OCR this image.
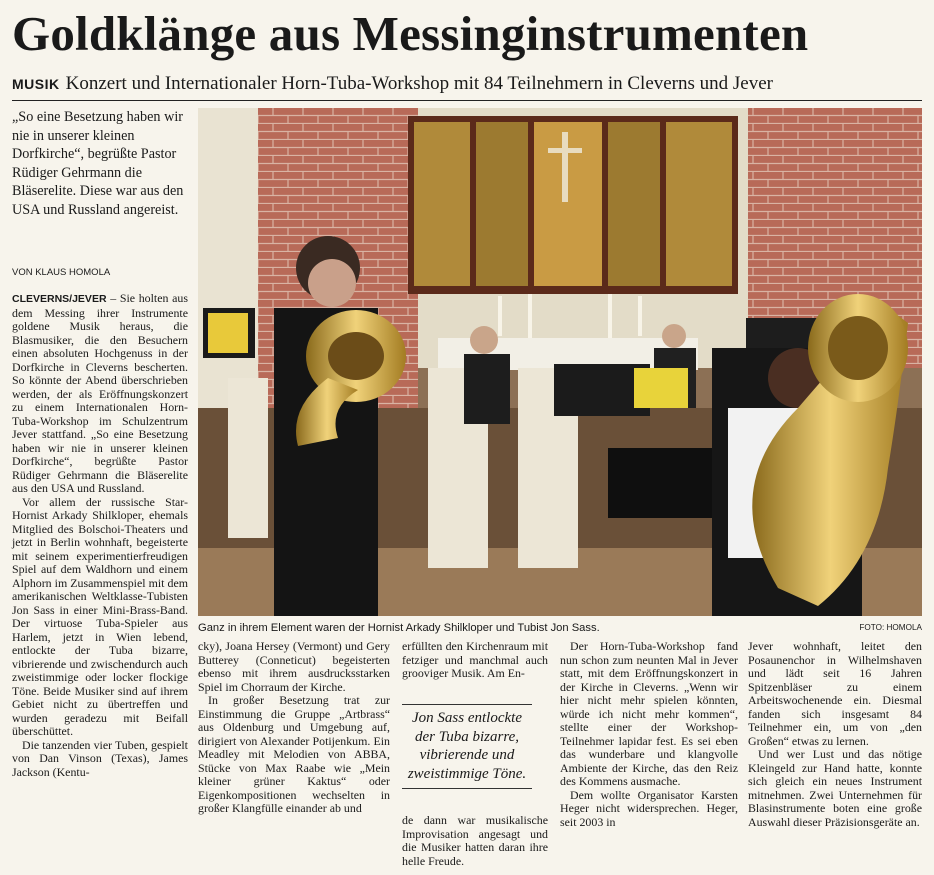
Goldklänge aus Messinginstrumenten
MUSIK Konzert und Internationaler Horn-Tuba-Workshop mit 84 Teilnehmern in Cleverns und Jever
„So eine Besetzung haben wir nie in unserer kleinen Dorfkirche“, begrüßte Pastor Rüdiger Gehrmann die Bläserelite. Diese war aus den USA und Russland angereist.
VON KLAUS HOMOLA

CLEVERNS/JEVER – Sie holten aus dem Messing ihrer Instrumente goldene Musik heraus, die Blasmusiker, die den Besuchern einen absoluten Hochgenuss in der Dorfkirche in Cleverns bescherten. So könnte der Abend überschrieben werden, der als Eröffnungskonzert zu einem Internationalen Horn-Tuba-Workshop im Schulzentrum Jever stattfand. „So eine Besetzung haben wir nie in unserer kleinen Dorfkirche“, begrüßte Pastor Rüdiger Gehrmann die Bläserelite aus den USA und Russland.

Vor allem der russische Star-Hornist Arkady Shilkloper, ehemals Mitglied des Bolschoi-Theaters und jetzt in Berlin wohnhaft, begeisterte mit seinem experimentierfreudigen Spiel auf dem Waldhorn und einem Alphorn im Zusammenspiel mit dem amerikanischen Weltklasse-Tubisten Jon Sass in einer Mini-Brass-Band. Der virtuose Tuba-Spieler aus Harlem, jetzt in Wien lebend, entlockte der Tuba bizarre, vibrierende und zwischendurch auch zweistimmige oder locker flockige Töne. Beide Musiker sind auf ihrem Gebiet nicht zu übertreffen und wurden geradezu mit Beifall überschüttet.

Die tanzenden vier Tuben, gespielt von Dan Vinson (Texas), James Jackson (Kentu-

Ganz in ihrem Element waren der Hornist Arkady Shilkloper und Tubist Jon Sass.	FOTO: HOMOLA

cky), Joana Hersey (Vermont) und Gery Butterey (Conneticut) begeisterten ebenso mit ihrem ausdrucksstarken Spiel im Chorraum der Kirche.

In großer Besetzung trat zur Einstimmung die Gruppe „Artbrass“ aus Oldenburg und Umgebung auf, dirigiert von Alexander Potijenkum. Ein Meadley mit Melodien von ABBA, Stücke von Max Raabe wie „Mein kleiner grüner Kaktus“ oder Eigenkompositionen wechselten in großer Klangfülle einander ab und

erfüllten den Kirchenraum mit fetziger und manchmal auch grooviger Musik. Am En-

Jon Sass entlockte der Tuba bizarre, vibrierende und zweistimmige Töne.

de dann war musikalische Improvisation angesagt und die Musiker hatten daran ihre helle Freude.

Der Horn-Tuba-Workshop fand nun schon zum neunten Mal in Jever statt, mit dem Eröffnungskonzert in der Kirche in Cleverns. „Wenn wir hier nicht mehr spielen könnten, würde ich nicht mehr kommen“, stellte einer der Workshop-Teilnehmer lapidar fest. Es sei eben das wunderbare und klangvolle Ambiente der Kirche, das den Reiz des Kommens ausmache.

Dem wollte Organisator Karsten Heger nicht widersprechen. Heger, seit 2003 in

Jever wohnhaft, leitet den Posaunenchor in Wilhelmshaven und lädt seit 16 Jahren Spitzenbläser zu einem Arbeitswochenende ein. Diesmal fanden sich insgesamt 84 Teilnehmer ein, um von „den Großen“ etwas zu lernen.

Und wer Lust und das nötige Kleingeld zur Hand hatte, konnte sich gleich ein neues Instrument mitnehmen. Zwei Unternehmen für Blasinstrumente boten eine große Auswahl dieser Präzisionsgeräte an.
